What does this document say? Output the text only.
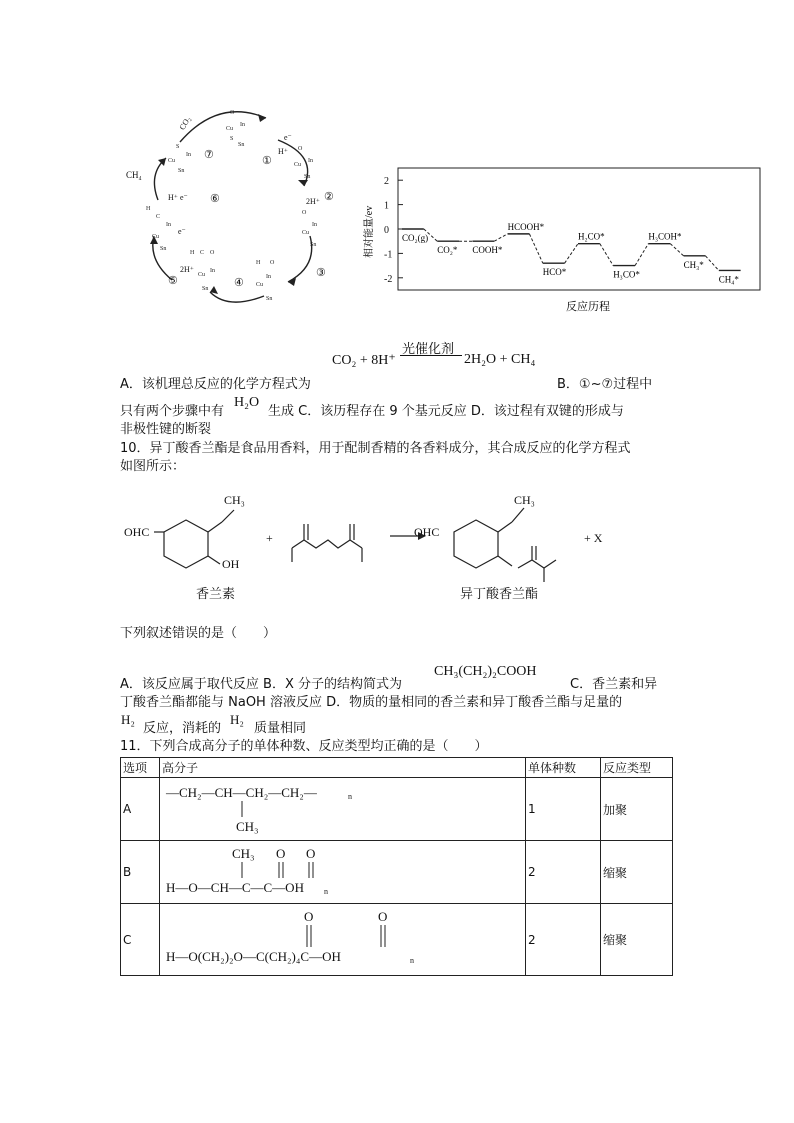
O
Cu
In
S
Sn
O
Cu
In
Sn
O
In
Cu
Sn
H O
In
Cu
Sn
H C O
Cu
In
Sn
H
C
In
Cu
Sn
S
In
Cu
Sn
⑦	①
②
③
④
⑤
⑥
CO₂
CH₄
H⁺ e⁻	2H⁺
2H⁺
e⁻
H⁺
e⁻	相对能量/ev
2
1
0
-1
-2
CO₂(g)
CO₂* COOH*
HCOOH*
HCO*
H₂CO*
H₃CO*
H₃COH*
CH₃*
CH₄*
反应历程
CO₂ + 8H⁺
光催化剂
2H₂O + CH₄
A．该机理总反应的化学方程式为	B．①~⑦过程中
只有两个步骤中有
H₂O
生成 C．该历程存在 9 个基元反应 D．该过程有双键的形成与
非极性键的断裂
10．异丁酸香兰酯是食品用香料，用于配制香精的各香料成分，其合成反应的化学方程式
如图所示：
OHC
OH
CH₃
+	OHC
CH₃
+ X
香兰素	异丁酸香兰酯
下列叙述错误的是（　　）
CH₃(CH₂)₂COOH
A．该反应属于取代反应 B．X 分子的结构简式为	C．香兰素和异
丁酸香兰酯都能与 NaOH 溶液反应 D．物质的量相同的香兰素和异丁酸香兰酯与足量的
H₂
反应，消耗的
H₂
质量相同
11．下列合成高分子的单体种数、反应类型均正确的是（　　）
选项	高分子	单体种数	反应类型
A	—CH₂—CH—CH₂—CH₂—
CH₃
n	1	加聚
B	CH₃ O O
H—O—CH—C—C—OH n	2	缩聚
C	O O
H—O(CH₂)₂O—C(CH₂)₄C—OH n	2	缩聚
